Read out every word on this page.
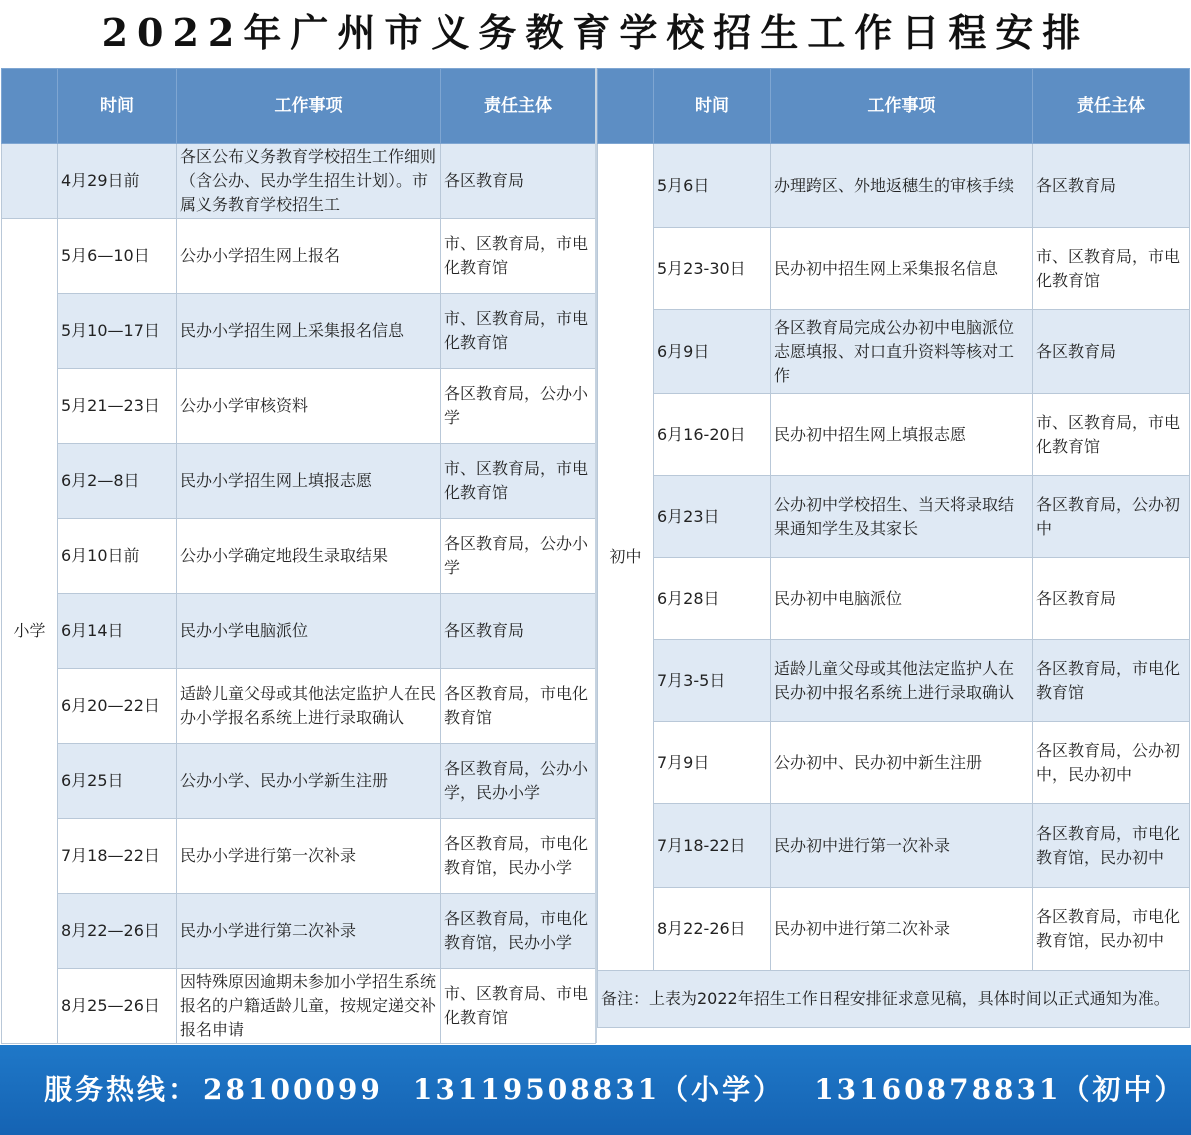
2022年广州市义务教育学校招生工作日程安排
	时间	工作事项	责任主体
	4月29日前	各区公布义务教育学校招生工作细则（含公办、民办学生招生计划）。市属义务教育学校招生工	各区教育局
小学	5月6—10日	公办小学招生网上报名	市、区教育局，市电化教育馆
	5月10—17日	民办小学招生网上采集报名信息	市、区教育局，市电化教育馆
	5月21—23日	公办小学审核资料	各区教育局，公办小学
	6月2—8日	民办小学招生网上填报志愿	市、区教育局，市电化教育馆
	6月10日前	公办小学确定地段生录取结果	各区教育局，公办小学
	6月14日	民办小学电脑派位	各区教育局
	6月20—22日	适龄儿童父母或其他法定监护人在民办小学报名系统上进行录取确认	各区教育局，市电化教育馆
	6月25日	公办小学、民办小学新生注册	各区教育局，公办小学，民办小学
	7月18—22日	民办小学进行第一次补录	各区教育局，市电化教育馆，民办小学
	8月22—26日	民办小学进行第二次补录	各区教育局，市电化教育馆，民办小学
	8月25—26日	因特殊原因逾期未参加小学招生系统报名的户籍适龄儿童，按规定递交补报名申请	市、区教育局、市电化教育馆
	时间	工作事项	责任主体
初中	5月6日	办理跨区、外地返穗生的审核手续	各区教育局
	5月23-30日	民办初中招生网上采集报名信息	市、区教育局，市电化教育馆
	6月9日	各区教育局完成公办初中电脑派位志愿填报、对口直升资料等核对工作	各区教育局
	6月16-20日	民办初中招生网上填报志愿	市、区教育局，市电化教育馆
	6月23日	公办初中学校招生、当天将录取结果通知学生及其家长	各区教育局，公办初中
	6月28日	民办初中电脑派位	各区教育局
	7月3-5日	适龄儿童父母或其他法定监护人在民办初中报名系统上进行录取确认	各区教育局，市电化教育馆
	7月9日	公办初中、民办初中新生注册	各区教育局，公办初中，民办初中
	7月18-22日	民办初中进行第一次补录	各区教育局，市电化教育馆，民办初中
	8月22-26日	民办初中进行第二次补录	各区教育局，市电化教育馆，民办初中
备注：上表为2022年招生工作日程安排征求意见稿，具体时间以正式通知为准。			
服务热线： 28100099 13119508831（小学） 13160878831（初中）
